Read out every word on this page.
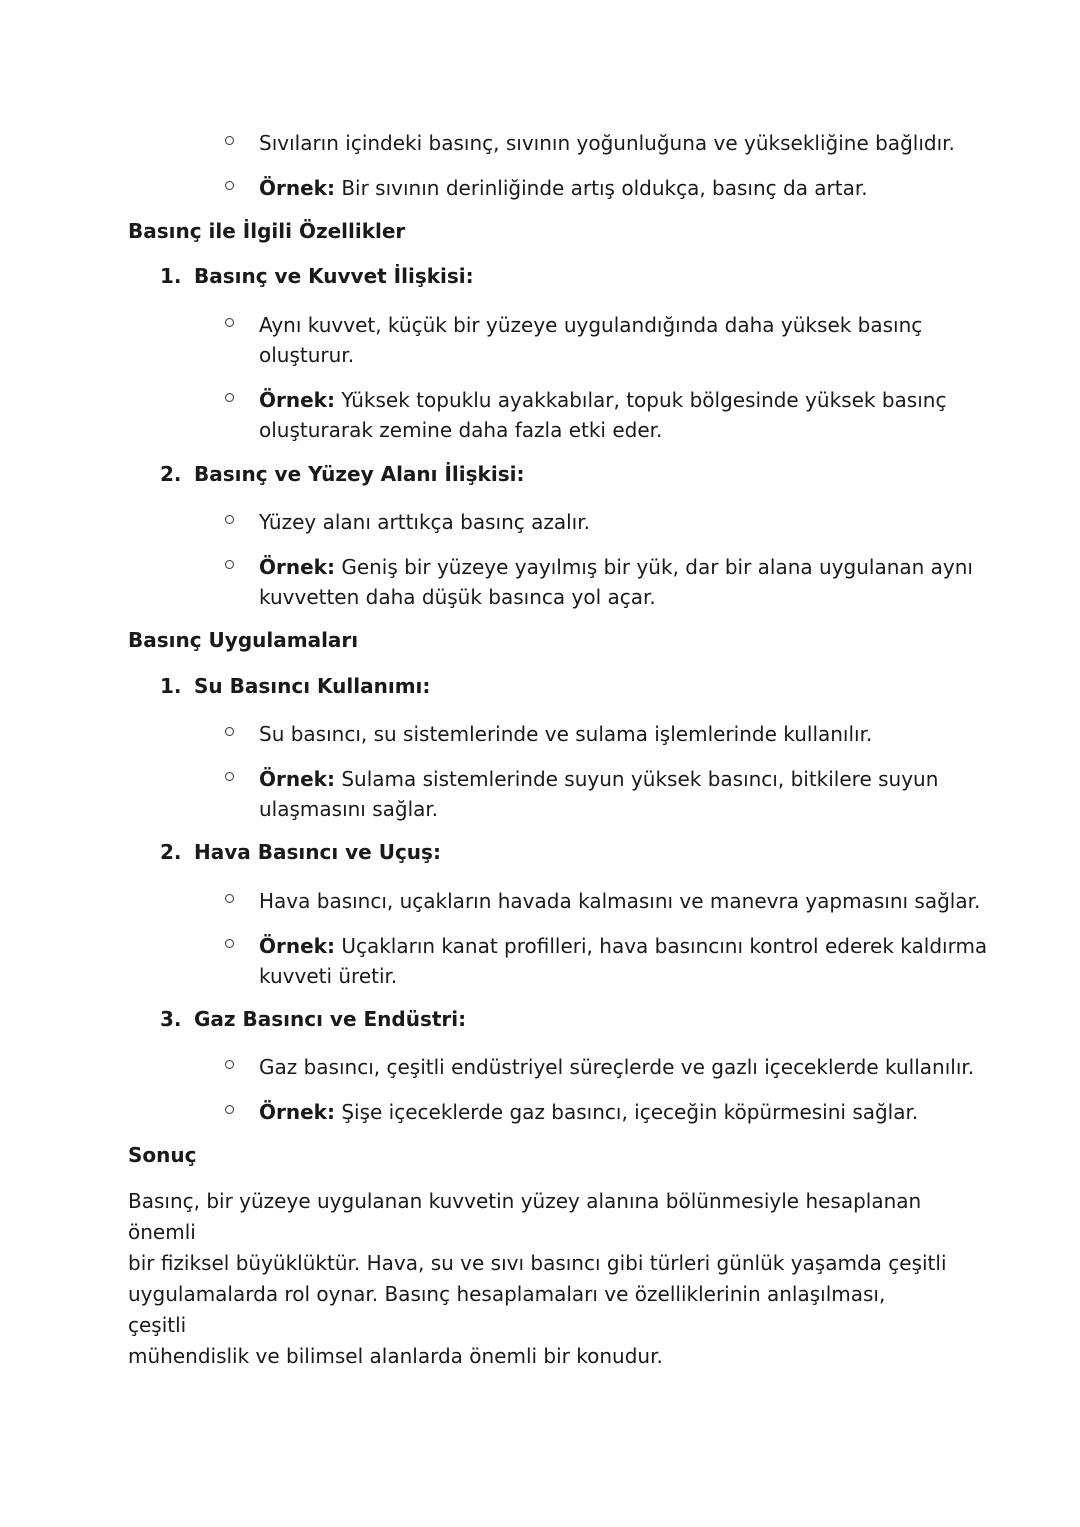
Sıvıların içindeki basınç, sıvının yoğunluğuna ve yüksekliğine bağlıdır.
Örnek: Bir sıvının derinliğinde artış oldukça, basınç da artar.
Basınç ile İlgili Özellikler
1. Basınç ve Kuvvet İlişkisi:
Aynı kuvvet, küçük bir yüzeye uygulandığında daha yüksek basınç
oluşturur.
Örnek: Yüksek topuklu ayakkabılar, topuk bölgesinde yüksek basınç
oluşturarak zemine daha fazla etki eder.
2. Basınç ve Yüzey Alanı İlişkisi:
Yüzey alanı arttıkça basınç azalır.
Örnek: Geniş bir yüzeye yayılmış bir yük, dar bir alana uygulanan aynı
kuvvetten daha düşük basınca yol açar.
Basınç Uygulamaları
1. Su Basıncı Kullanımı:
Su basıncı, su sistemlerinde ve sulama işlemlerinde kullanılır.
Örnek: Sulama sistemlerinde suyun yüksek basıncı, bitkilere suyun
ulaşmasını sağlar.
2. Hava Basıncı ve Uçuş:
Hava basıncı, uçakların havada kalmasını ve manevra yapmasını sağlar.
Örnek: Uçakların kanat profilleri, hava basıncını kontrol ederek kaldırma
kuvveti üretir.
3. Gaz Basıncı ve Endüstri:
Gaz basıncı, çeşitli endüstriyel süreçlerde ve gazlı içeceklerde kullanılır.
Örnek: Şişe içeceklerde gaz basıncı, içeceğin köpürmesini sağlar.
Sonuç
Basınç, bir yüzeye uygulanan kuvvetin yüzey alanına bölünmesiyle hesaplanan önemli
bir fiziksel büyüklüktür. Hava, su ve sıvı basıncı gibi türleri günlük yaşamda çeşitli
uygulamalarda rol oynar. Basınç hesaplamaları ve özelliklerinin anlaşılması, çeşitli
mühendislik ve bilimsel alanlarda önemli bir konudur.
